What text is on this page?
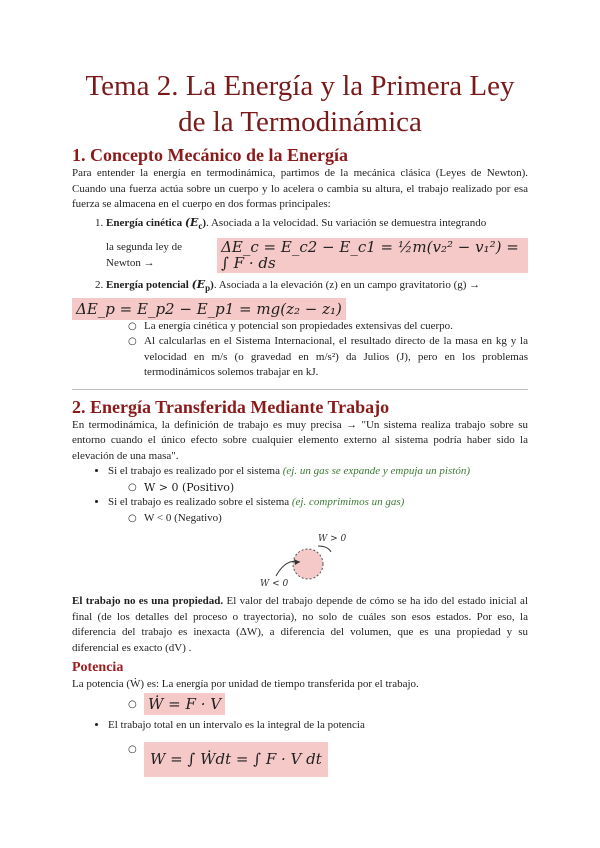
Tema 2. La Energía y la Primera Ley de la Termodinámica
1. Concepto Mecánico de la Energía

Para entender la energía en termodinámica, partimos de la mecánica clásica (Leyes de Newton). Cuando una fuerza actúa sobre un cuerpo y lo acelera o cambia su altura, el trabajo realizado por esa fuerza se almacena en el cuerpo en dos formas principales:

1. Energía cinética $(E_c)$. Asociada a la velocidad. Su variación se demuestra integrando
la segunda ley de Newton →
ΔE_c = E_c2 − E_c1 = ½m(v₂² − v₁²) = ∫ F · ds
2. Energía potencial $(E_p)$. Asociada a la elevación (z) en un campo gravitatorio (g) →
ΔE_p = E_p2 − E_p1 = mg(z₂ − z₁)
○ La energía cinética y potencial son propiedades extensivas del cuerpo.
○ Al calcularlas en el Sistema Internacional, el resultado directo de la masa en kg y la velocidad en m/s (o gravedad en m/s²) da Julios (J), pero en los problemas termodinámicos solemos trabajar en kJ.
2. Energía Transferida Mediante Trabajo

En termodinámica, la definición de trabajo es muy precisa → "Un sistema realiza trabajo sobre su entorno cuando el único efecto sobre cualquier elemento externo al sistema podría haber sido la elevación de una masa".

• Si el trabajo es realizado por el sistema (ej. un gas se expande y empuja un pistón)
○ W > 0 (Positivo)
• Si el trabajo es realizado sobre el sistema (ej. comprimimos un gas)
○ W < 0 (Negativo)
W > 0
W < 0

El trabajo no es una propiedad. El valor del trabajo depende de cómo se ha ido del estado inicial al final (de los detalles del proceso o trayectoria), no solo de cuáles son esos estados. Por eso, la diferencia del trabajo es inexacta (ΔW), a diferencia del volumen, que es una propiedad y su diferencial es exacto (dV) .

Potencia

La potencia (Ẇ) es: La energía por unidad de tiempo transferida por el trabajo.

○ Ẇ = F · V
• El trabajo total en un intervalo es la integral de la potencia
○ W = ∫ Ẇdt = ∫ F · V dt
